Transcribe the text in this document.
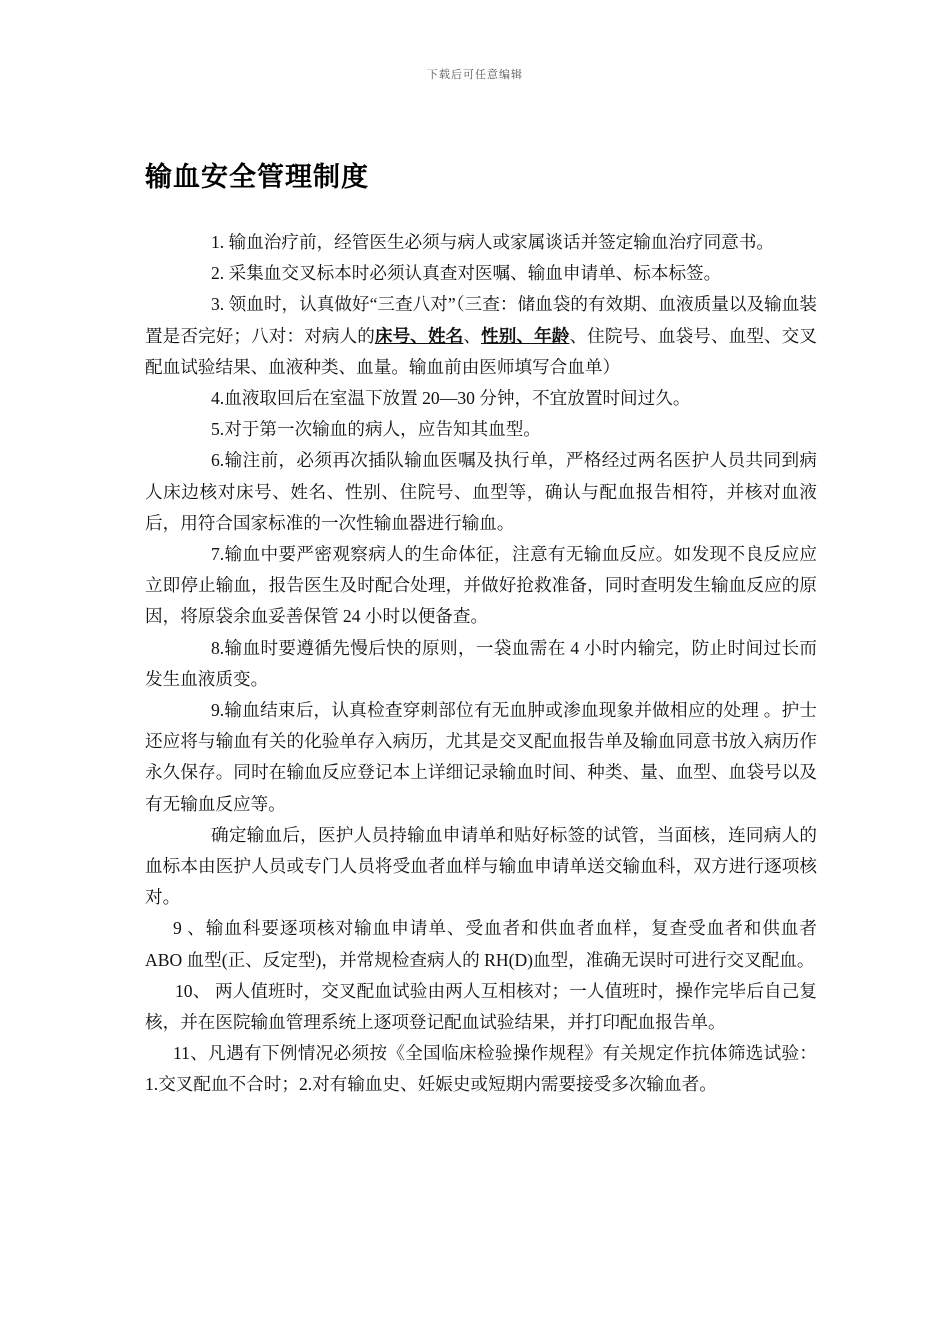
下载后可任意编辑
输血安全管理制度

1. 输血治疗前，经管医生必须与病人或家属谈话并签定输血治疗同意书。

2. 采集血交叉标本时必须认真查对医嘱、输血申请单、标本标签。

3. 领血时，认真做好“三查八对”（三查：储血袋的有效期、血液质量以及输血装置是否完好；八对：对病人的床号、姓名、性别、年龄、住院号、血袋号、血型、交叉配血试验结果、血液种类、血量。输血前由医师填写合血单）

4.血液取回后在室温下放置 20—30 分钟，不宜放置时间过久。

5.对于第一次输血的病人，应告知其血型。

6.输注前，必须再次插队输血医嘱及执行单，严格经过两名医护人员共同到病人床边核对床号、姓名、性别、住院号、血型等，确认与配血报告相符，并核对血液后，用符合国家标准的一次性输血器进行输血。

7.输血中要严密观察病人的生命体征，注意有无输血反应。如发现不良反应应立即停止输血，报告医生及时配合处理，并做好抢救准备，同时查明发生输血反应的原因，将原袋余血妥善保管 24 小时以便备查。

8.输血时要遵循先慢后快的原则，一袋血需在 4 小时内输完，防止时间过长而发生血液质变。

9.输血结束后，认真检查穿刺部位有无血肿或渗血现象并做相应的处理 。护士还应将与输血有关的化验单存入病历，尤其是交叉配血报告单及输血同意书放入病历作永久保存。同时在输血反应登记本上详细记录输血时间、种类、量、血型、血袋号以及有无输血反应等。

确定输血后，医护人员持输血申请单和贴好标签的试管，当面核，连同病人的血标本由医护人员或专门人员将受血者血样与输血申请单送交输血科，双方进行逐项核对。

9 、输血科要逐项核对输血申请单、受血者和供血者血样，复查受血者和供血者 ABO 血型(正、反定型)，并常规检查病人的 RH(D)血型，准确无误时可进行交叉配血。

10、 两人值班时，交叉配血试验由两人互相核对；一人值班时，操作完毕后自己复核，并在医院输血管理系统上逐项登记配血试验结果，并打印配血报告单。

11、凡遇有下例情况必须按《全国临床检验操作规程》有关规定作抗体筛选试验：1.交叉配血不合时；2.对有输血史、妊娠史或短期内需要接受多次输血者。
